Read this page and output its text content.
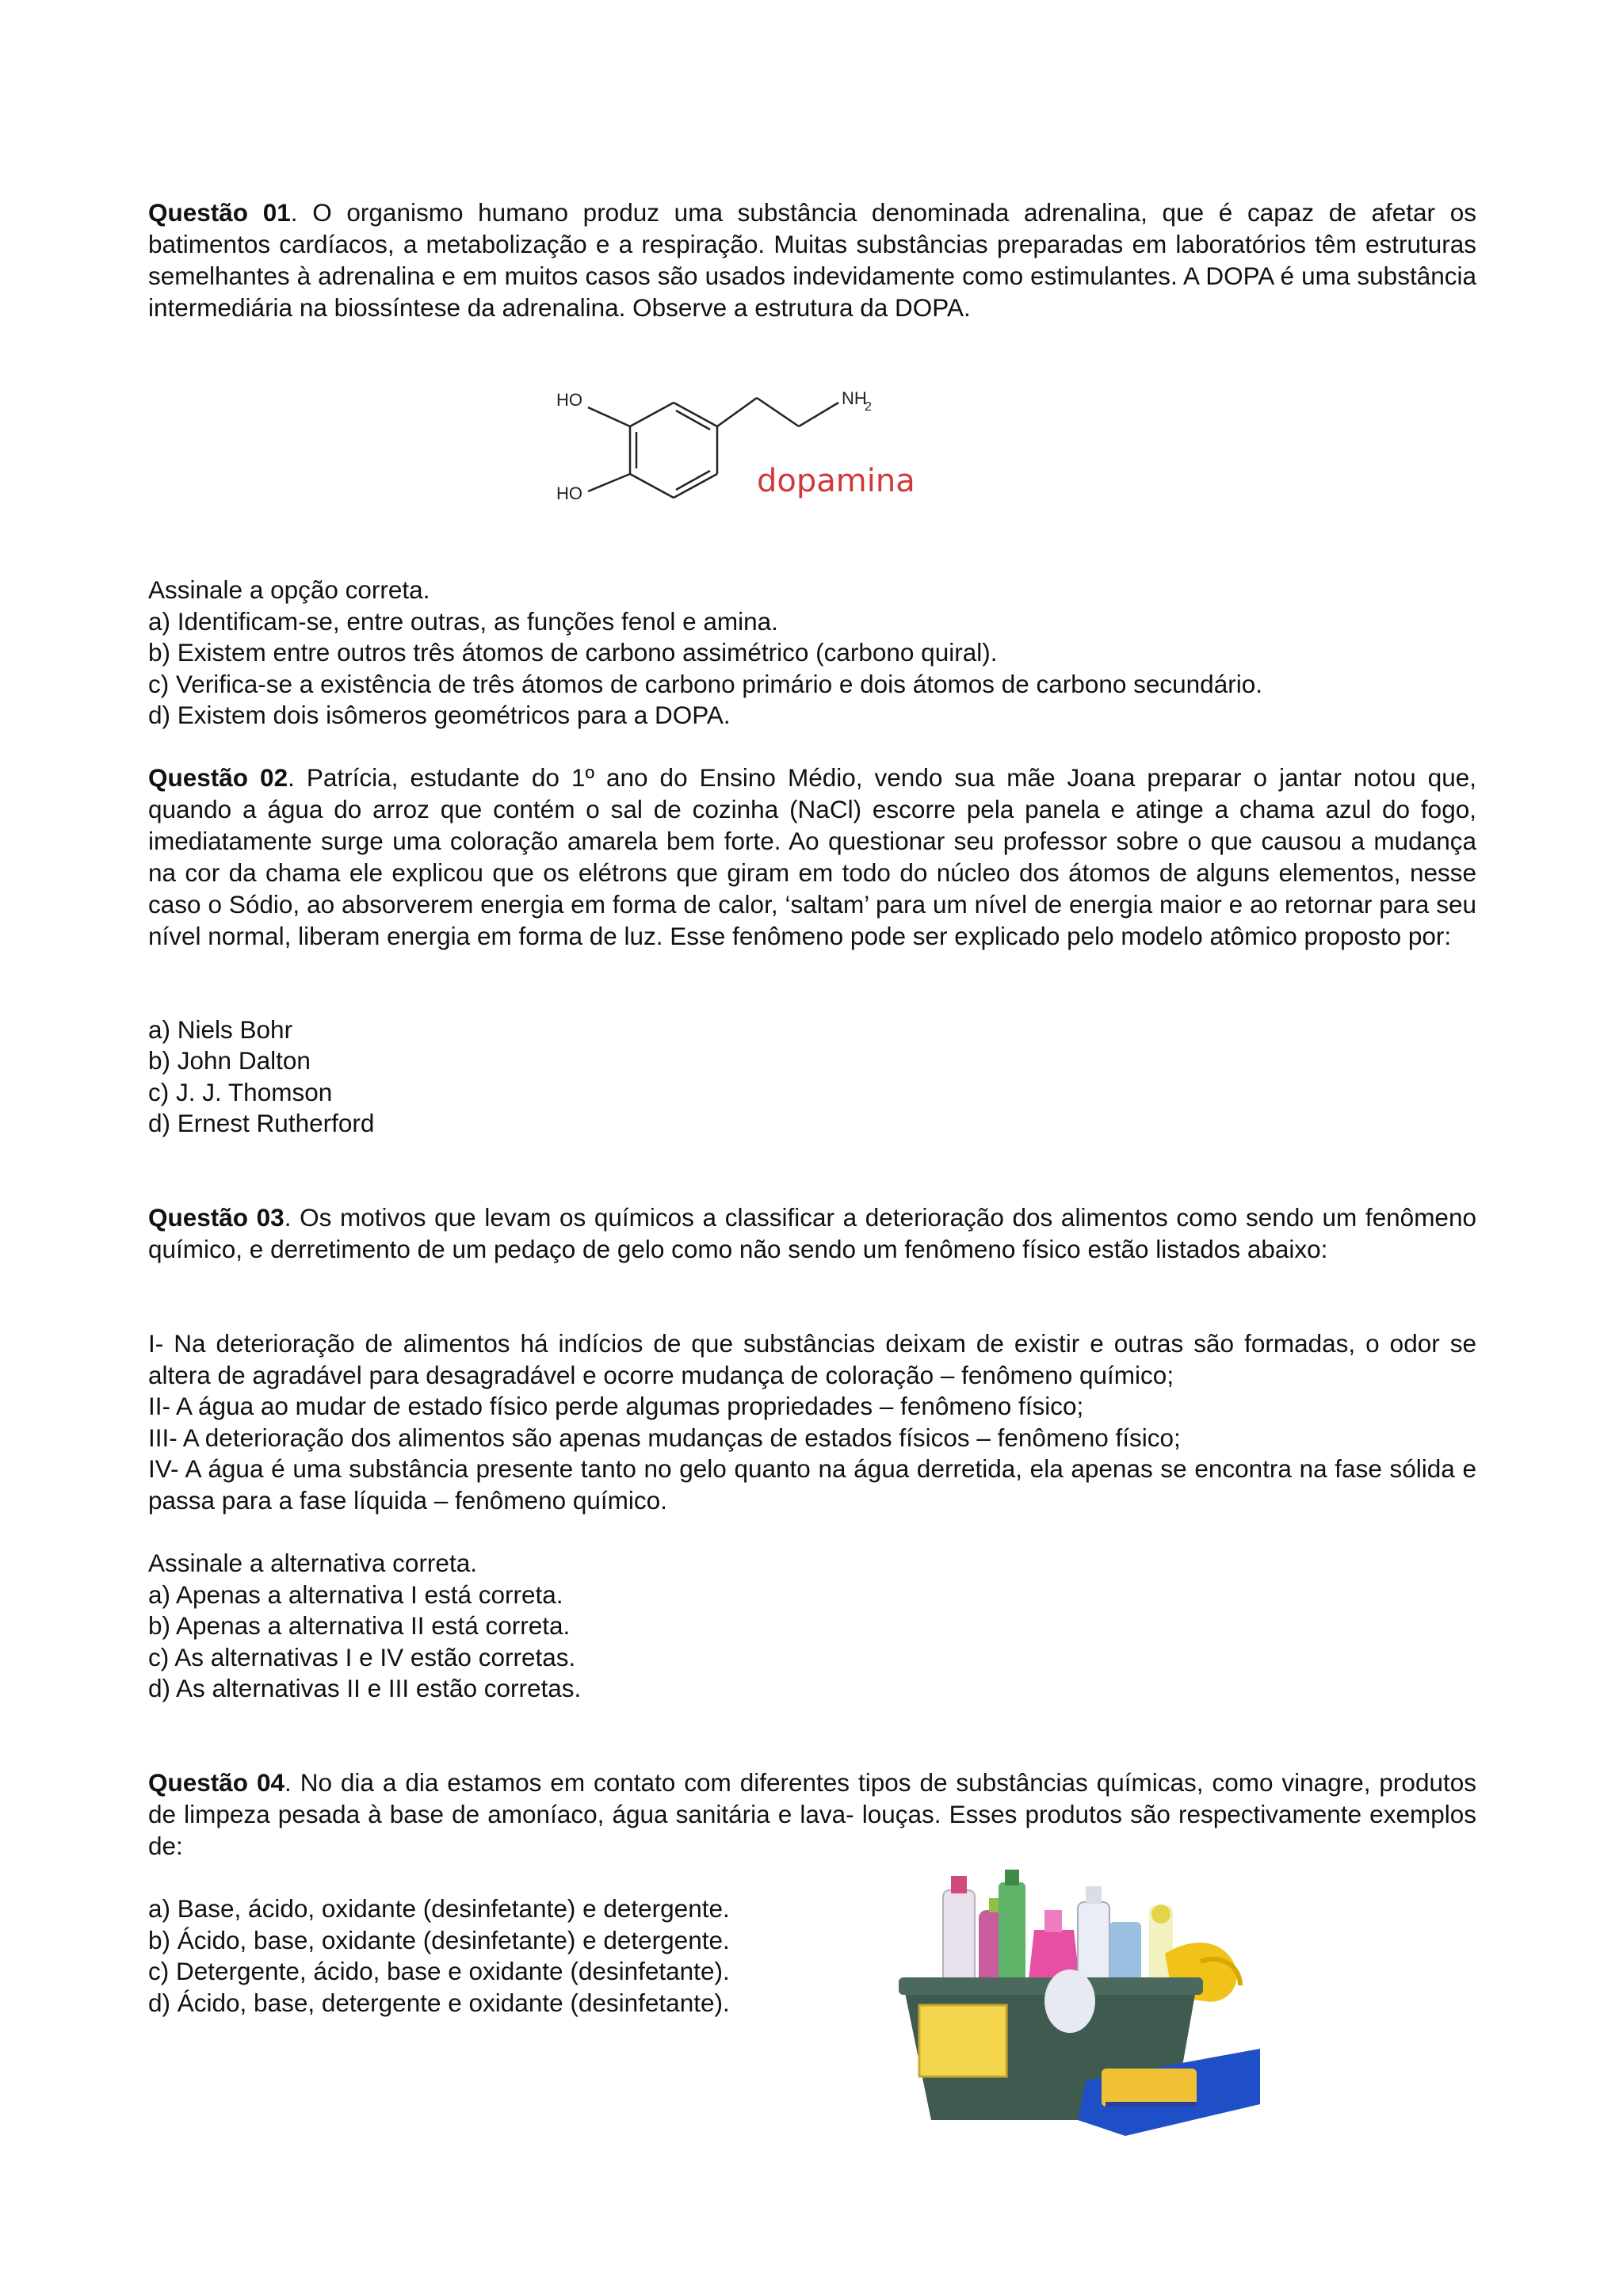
Questão 01. O organismo humano produz uma substância denominada adrenalina, que é capaz de afetar os batimentos cardíacos, a metabolização e a respiração. Muitas substâncias preparadas em laboratórios têm estruturas semelhantes à adrenalina e em muitos casos são usados indevidamente como estimulantes. A DOPA é uma substância intermediária na biossíntese da adrenalina. Observe a estrutura da DOPA.

HO
HO
NH
2
dopamina

Assinale a opção correta.

a) Identificam-se, entre outras, as funções fenol e amina.

b) Existem entre outros três átomos de carbono assimétrico (carbono quiral).

c) Verifica-se a existência de três átomos de carbono primário e dois átomos de carbono secundário.

d) Existem dois isômeros geométricos para a DOPA.

Questão 02. Patrícia, estudante do 1º ano do Ensino Médio, vendo sua mãe Joana preparar o jantar notou que, quando a água do arroz que contém o sal de cozinha (NaCl) escorre pela panela e atinge a chama azul do fogo, imediatamente surge uma coloração amarela bem forte. Ao questionar seu professor sobre o que causou a mudança na cor da chama ele explicou que os elétrons que giram em todo do núcleo dos átomos de alguns elementos, nesse caso o Sódio, ao absorverem energia em forma de calor, ‘saltam’ para um nível de energia maior e ao retornar para seu nível normal, liberam energia em forma de luz. Esse fenômeno pode ser explicado pelo modelo atômico proposto por:

a) Niels Bohr

b) John Dalton

c) J. J. Thomson

d) Ernest Rutherford

Questão 03. Os motivos que levam os químicos a classificar a deterioração dos alimentos como sendo um fenômeno químico, e derretimento de um pedaço de gelo como não sendo um fenômeno físico estão listados abaixo:

I- Na deterioração de alimentos há indícios de que substâncias deixam de existir e outras são formadas, o odor se altera de agradável para desagradável e ocorre mudança de coloração – fenômeno químico;

II- A água ao mudar de estado físico perde algumas propriedades – fenômeno físico;

III- A deterioração dos alimentos são apenas mudanças de estados físicos – fenômeno físico;

IV- A água é uma substância presente tanto no gelo quanto na água derretida, ela apenas se encontra na fase sólida e passa para a fase líquida – fenômeno químico.

Assinale a alternativa correta.

a) Apenas a alternativa I está correta.

b) Apenas a alternativa II está correta.

c) As alternativas I e IV estão corretas.

d) As alternativas II e III estão corretas.

Questão 04. No dia a dia estamos em contato com diferentes tipos de substâncias químicas, como vinagre, produtos de limpeza pesada à base de amoníaco, água sanitária e lava- louças. Esses produtos são respectivamente exemplos de:

a) Base, ácido, oxidante (desinfetante) e detergente.

b) Ácido, base, oxidante (desinfetante) e detergente.

c) Detergente, ácido, base e oxidante (desinfetante).

d) Ácido, base, detergente e oxidante (desinfetante).
